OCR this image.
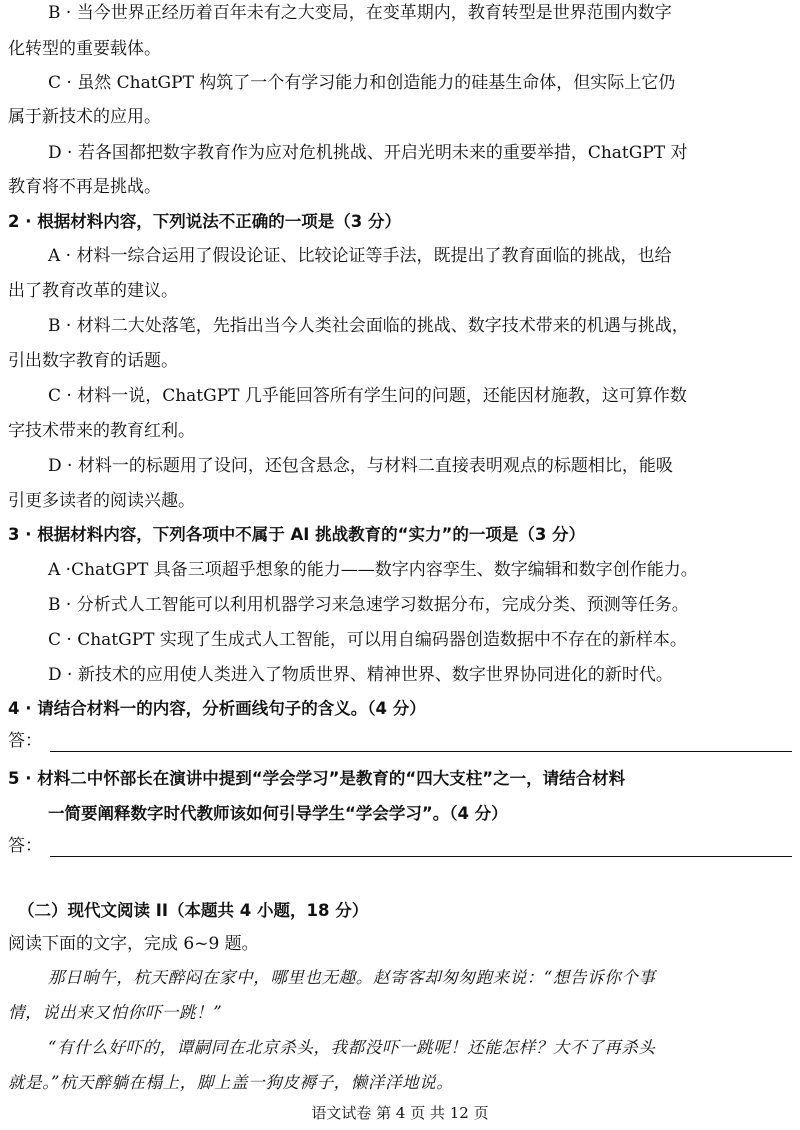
B · 当今世界正经历着百年未有之大变局，在变革期内，教育转型是世界范围内数字
化转型的重要载体。
C · 虽然 ChatGPT 构筑了一个有学习能力和创造能力的硅基生命体，但实际上它仍
属于新技术的应用。
D · 若各国都把数字教育作为应对危机挑战、开启光明未来的重要举措，ChatGPT 对
教育将不再是挑战。
2 · 根据材料内容，下列说法不正确的一项是（3 分）
A · 材料一综合运用了假设论证、比较论证等手法，既提出了教育面临的挑战，也给
出了教育改革的建议。
B · 材料二大处落笔，先指出当今人类社会面临的挑战、数字技术带来的机遇与挑战，
引出数字教育的话题。
C · 材料一说，ChatGPT 几乎能回答所有学生问的问题，还能因材施教，这可算作数
字技术带来的教育红利。
D · 材料一的标题用了设问，还包含悬念，与材料二直接表明观点的标题相比，能吸
引更多读者的阅读兴趣。
3 · 根据材料内容，下列各项中不属于 AI 挑战教育的“实力”的一项是（3 分）
A ·ChatGPT 具备三项超乎想象的能力——数字内容孪生、数字编辑和数字创作能力。
B · 分析式人工智能可以利用机器学习来急速学习数据分布，完成分类、预测等任务。
C · ChatGPT 实现了生成式人工智能，可以用自编码器创造数据中不存在的新样本。
D · 新技术的应用使人类进入了物质世界、精神世界、数字世界协同进化的新时代。
4 · 请结合材料一的内容，分析画线句子的含义。（4 分）
答：
5 · 材料二中怀部长在演讲中提到“学会学习”是教育的“四大支柱”之一，请结合材料
一简要阐释数字时代教师该如何引导学生“学会学习”。（4 分）
答：
（二）现代文阅读 II（本题共 4 小题，18 分）
阅读下面的文字，完成 6~9 题。
那日晌午，杭天醉闷在家中，哪里也无趣。赵寄客却匆匆跑来说：“想告诉你个事
情，说出来又怕你吓一跳！”
“有什么好吓的，谭嗣同在北京杀头，我都没吓一跳呢！还能怎样？大不了再杀头
就是。”杭天醉躺在榻上，脚上盖一狗皮褥子，懒洋洋地说。
语文试卷 第 4 页 共 12 页
